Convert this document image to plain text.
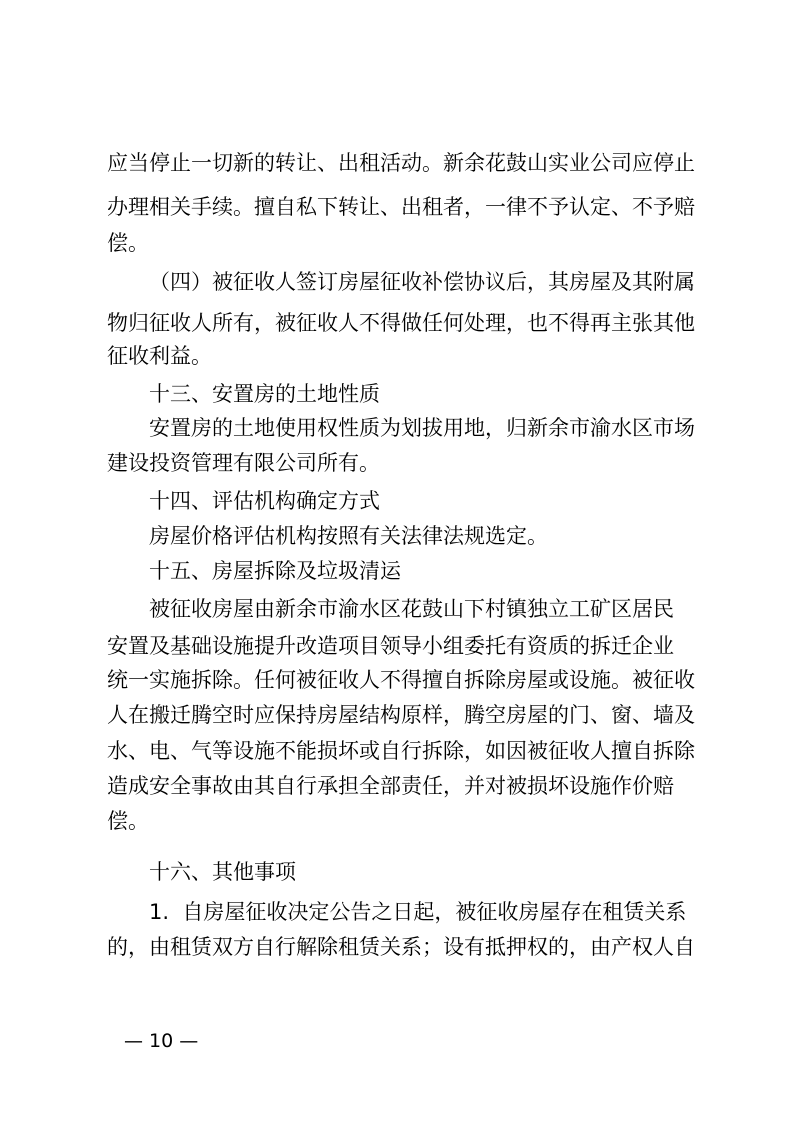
应当停止一切新的转让、出租活动。新余花鼓山实业公司应停止
办理相关手续。擅自私下转让、出租者，一律不予认定、不予赔
偿。
（四）被征收人签订房屋征收补偿协议后，其房屋及其附属
物归征收人所有，被征收人不得做任何处理，也不得再主张其他
征收利益。
十三、安置房的土地性质
安置房的土地使用权性质为划拔用地，归新余市渝水区市场
建设投资管理有限公司所有。
十四、评估机构确定方式
房屋价格评估机构按照有关法律法规选定。
十五、房屋拆除及垃圾清运
被征收房屋由新余市渝水区花鼓山下村镇独立工矿区居民
安置及基础设施提升改造项目领导小组委托有资质的拆迁企业
统一实施拆除。任何被征收人不得擅自拆除房屋或设施。被征收
人在搬迁腾空时应保持房屋结构原样，腾空房屋的门、窗、墙及
水、电、气等设施不能损坏或自行拆除，如因被征收人擅自拆除
造成安全事故由其自行承担全部责任，并对被损坏设施作价赔
偿。
十六、其他事项
1.  自房屋征收决定公告之日起，被征收房屋存在租赁关系
的，由租赁双方自行解除租赁关系；设有抵押权的，由产权人自
— 10 —
